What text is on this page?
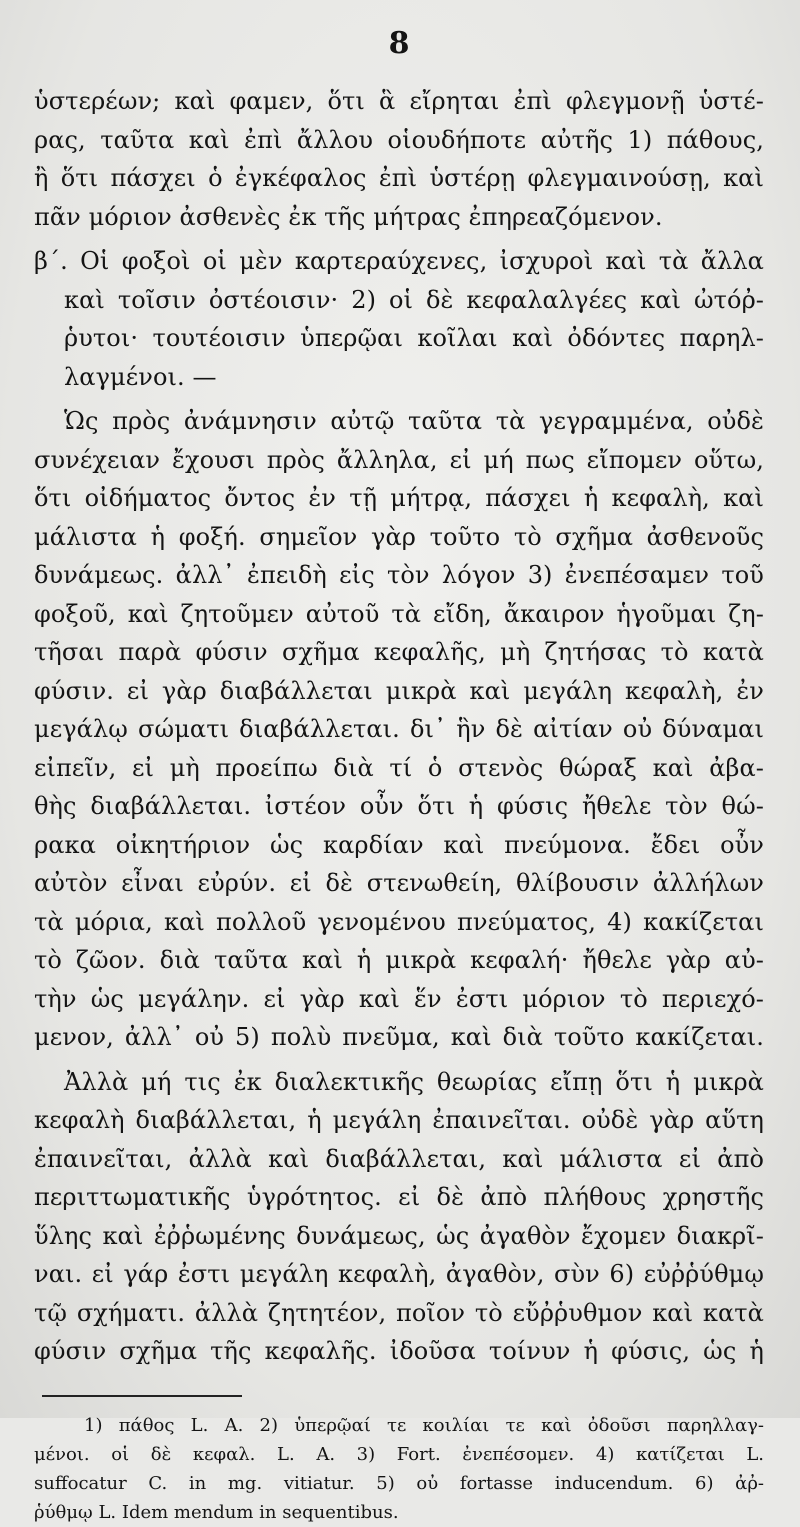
8
ὑστερέων; καὶ φαμεν, ὅτι ἃ εἴρηται ἐπὶ φλεγμονῇ ὑστέ-
ρας, ταῦτα καὶ ἐπὶ ἄλλου οἱουδήποτε αὐτῆς 1) πάθους,
ἢ ὅτι πάσχει ὁ ἐγκέφαλος ἐπὶ ὑστέρῃ φλεγμαινούσῃ, καὶ
πᾶν μόριον ἀσθενὲς ἐκ τῆς μήτρας ἐπηρεαζόμενον.
β΄. Οἱ φοξοὶ οἱ μὲν καρτεραύχενες, ἰσχυροὶ καὶ τὰ ἄλλα
καὶ τοῖσιν ὀστέοισιν· 2) οἱ δὲ κεφαλαλγέες καὶ ὠτόῤ-
ῥυτοι· τουτέοισιν ὑπερῷαι κοῖλαι καὶ ὀδόντες παρηλ-
λαγμένοι. —
Ὡς πρὸς ἀνάμνησιν αὐτῷ ταῦτα τὰ γεγραμμένα, οὐδὲ
συνέχειαν ἔχουσι πρὸς ἄλληλα, εἰ μή πως εἴπομεν οὕτω,
ὅτι οἰδήματος ὄντος ἐν τῇ μήτρᾳ, πάσχει ἡ κεφαλὴ, καὶ
μάλιστα ἡ φοξή. σημεῖον γὰρ τοῦτο τὸ σχῆμα ἀσθενοῦς
δυνάμεως. ἀλλ᾽ ἐπειδὴ εἰς τὸν λόγον 3) ἐνεπέσαμεν τοῦ
φοξοῦ, καὶ ζητοῦμεν αὐτοῦ τὰ εἴδη, ἄκαιρον ἡγοῦμαι ζη-
τῆσαι παρὰ φύσιν σχῆμα κεφαλῆς, μὴ ζητήσας τὸ κατὰ
φύσιν. εἰ γὰρ διαβάλλεται μικρὰ καὶ μεγάλη κεφαλὴ, ἐν
μεγάλῳ σώματι διαβάλλεται. δι᾽ ἣν δὲ αἰτίαν οὐ δύναμαι
εἰπεῖν, εἰ μὴ προείπω διὰ τί ὁ στενὸς θώραξ καὶ ἀβα-
θὴς διαβάλλεται. ἰστέον οὖν ὅτι ἡ φύσις ἤθελε τὸν θώ-
ρακα οἰκητήριον ὡς καρδίαν καὶ πνεύμονα. ἔδει οὖν
αὐτὸν εἶναι εὐρύν. εἰ δὲ στενωθείη, θλίβουσιν ἀλλήλων
τὰ μόρια, καὶ πολλοῦ γενομένου πνεύματος, 4) κακίζεται
τὸ ζῶον. διὰ ταῦτα καὶ ἡ μικρὰ κεφαλή· ἤθελε γὰρ αὐ-
τὴν ὡς μεγάλην. εἰ γὰρ καὶ ἕν ἐστι μόριον τὸ περιεχό-
μενον, ἀλλ᾽ οὐ 5) πολὺ πνεῦμα, καὶ διὰ τοῦτο κακίζεται.
Ἀλλὰ μή τις ἐκ διαλεκτικῆς θεωρίας εἴπῃ ὅτι ἡ μικρὰ
κεφαλὴ διαβάλλεται, ἡ μεγάλη ἐπαινεῖται. οὐδὲ γὰρ αὕτη
ἐπαινεῖται, ἀλλὰ καὶ διαβάλλεται, καὶ μάλιστα εἰ ἀπὸ
περιττωματικῆς ὑγρότητος. εἰ δὲ ἀπὸ πλήθους χρηστῆς
ὕλης καὶ ἐῤῥωμένης δυνάμεως, ὡς ἀγαθὸν ἔχομεν διακρῖ-
ναι. εἰ γάρ ἐστι μεγάλη κεφαλὴ, ἀγαθὸν, σὺν 6) εὐῤῥύθμῳ
τῷ σχήματι. ἀλλὰ ζητητέον, ποῖον τὸ εὔῤῥυθμον καὶ κατὰ
φύσιν σχῆμα τῆς κεφαλῆς. ἰδοῦσα τοίνυν ἡ φύσις, ὡς ἡ
1) πάθος L. A. 2) ὑπερῷαί τε κοιλίαι τε καὶ ὀδοῦσι παρηλλαγ-
μένοι. οἱ δὲ κεφαλ. L. A. 3) Fort. ἐνεπέσομεν. 4) κατίζεται L.
suffocatur C. in mg. vitiatur. 5) οὐ fortasse inducendum. 6) ἀῤ-
ῥύθμῳ L. Idem mendum in sequentibus.
